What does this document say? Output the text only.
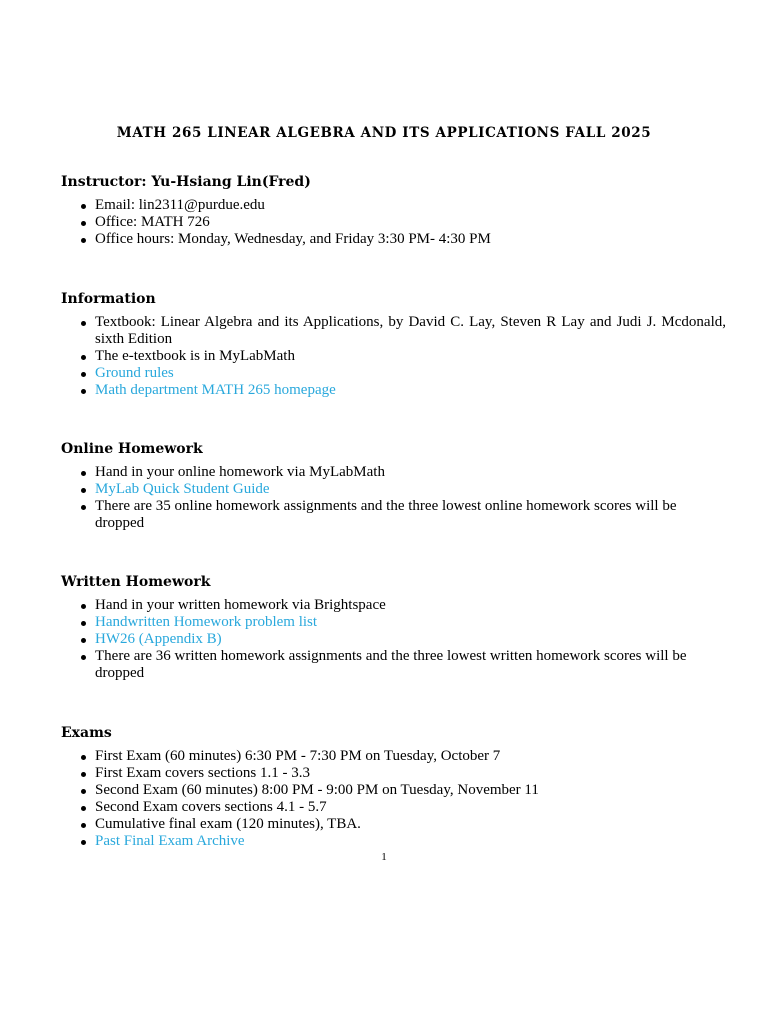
MATH 265 LINEAR ALGEBRA AND ITS APPLICATIONS FALL 2025
Instructor: Yu-Hsiang Lin(Fred)
Email: lin2311@purdue.edu
Office: MATH 726
Office hours: Monday, Wednesday, and Friday 3:30 PM- 4:30 PM
Information
Textbook: Linear Algebra and its Applications, by David C. Lay, Steven R Lay and Judi J. Mcdonald, sixth Edition
The e-textbook is in MyLabMath
Ground rules
Math department MATH 265 homepage
Online Homework
Hand in your online homework via MyLabMath
MyLab Quick Student Guide
There are 35 online homework assignments and the three lowest online homework scores will be dropped
Written Homework
Hand in your written homework via Brightspace
Handwritten Homework problem list
HW26 (Appendix B)
There are 36 written homework assignments and the three lowest written homework scores will be dropped
Exams
First Exam (60 minutes) 6:30 PM - 7:30 PM on Tuesday, October 7
First Exam covers sections 1.1 - 3.3
Second Exam (60 minutes) 8:00 PM - 9:00 PM on Tuesday, November 11
Second Exam covers sections 4.1 - 5.7
Cumulative final exam (120 minutes), TBA.
Past Final Exam Archive
1
